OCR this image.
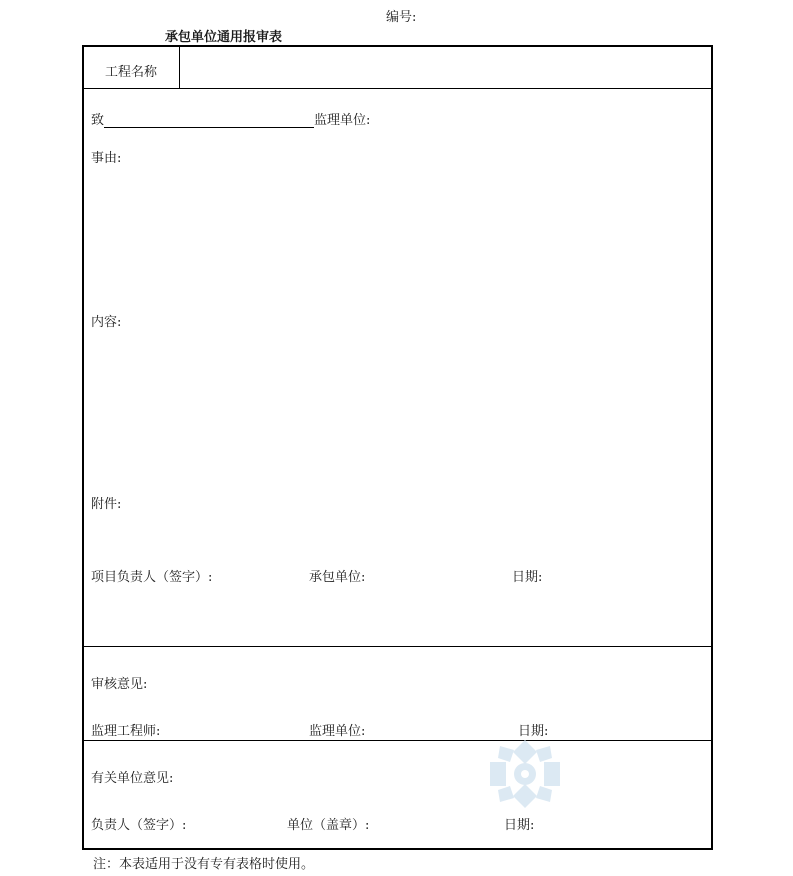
编号:
承包单位通用报审表
工程名称
致	监理单位:
事由:
内容:
附件:
项目负责人（签字）:	承包单位:	日期:
审核意见:
监理工程师:	监理单位:	日期:
有关单位意见:
负责人（签字）:	单位（盖章）:	日期:
注：本表适用于没有专有表格时使用。
